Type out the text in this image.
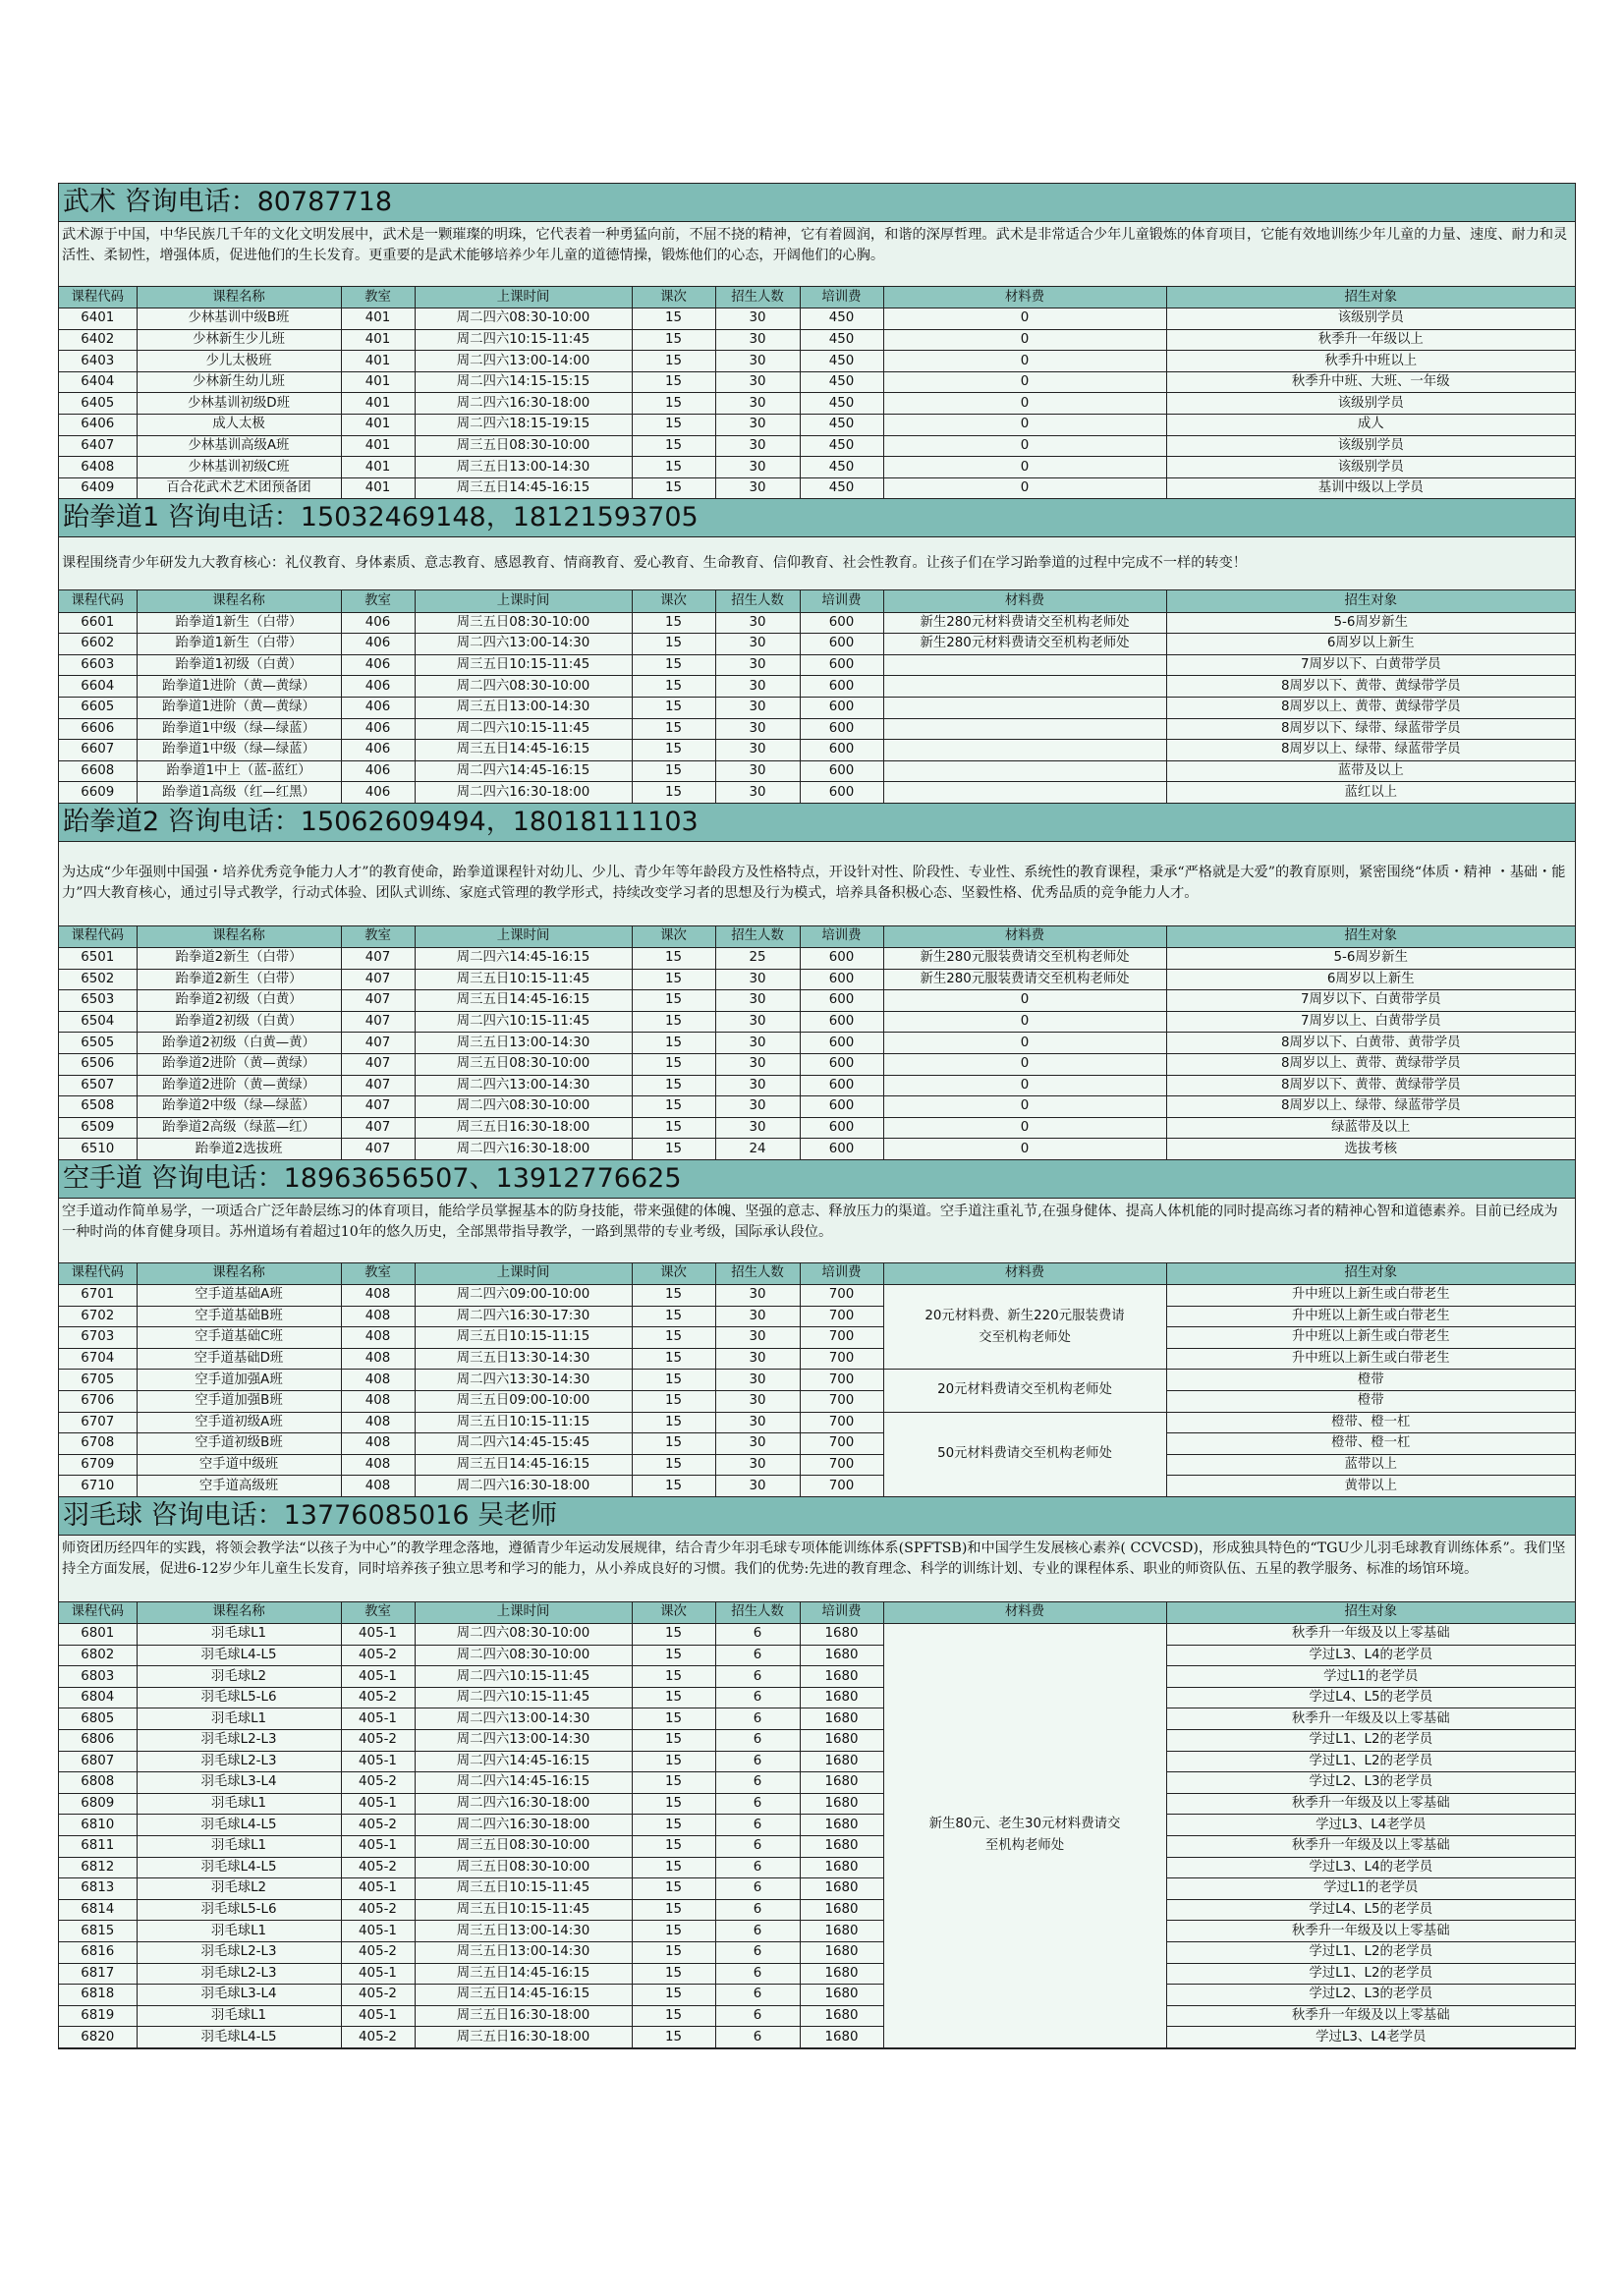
武术 咨询电话：80787718
武术源于中国，中华民族几千年的文化文明发展中，武术是一颗璀璨的明珠，它代表着一种勇猛向前，不屈不挠的精神，它有着圆润，和谐的深厚哲理。武术是非常适合少年儿童锻炼的体育项目，它能有效地训练少年儿童的力量、速度、耐力和灵活性、柔韧性，增强体质，促进他们的生长发育。更重要的是武术能够培养少年儿童的道德情操，锻炼他们的心态，开阔他们的心胸。
课程代码	课程名称	教室	上课时间	课次	招生人数	培训费	材料费	招生对象
6401	少林基训中级B班	401	周二四六08:30-10:00	15	30	450	0	该级别学员
6402	少林新生少儿班	401	周二四六10:15-11:45	15	30	450	0	秋季升一年级以上
6403	少儿太极班	401	周二四六13:00-14:00	15	30	450	0	秋季升中班以上
6404	少林新生幼儿班	401	周二四六14:15-15:15	15	30	450	0	秋季升中班、大班、一年级
6405	少林基训初级D班	401	周二四六16:30-18:00	15	30	450	0	该级别学员
6406	成人太极	401	周二四六18:15-19:15	15	30	450	0	成人
6407	少林基训高级A班	401	周三五日08:30-10:00	15	30	450	0	该级别学员
6408	少林基训初级C班	401	周三五日13:00-14:30	15	30	450	0	该级别学员
6409	百合花武术艺术团预备团	401	周三五日14:45-16:15	15	30	450	0	基训中级以上学员
跆拳道1 咨询电话：15032469148，18121593705
课程围绕青少年研发九大教育核心：礼仪教育、身体素质、意志教育、感恩教育、情商教育、爱心教育、生命教育、信仰教育、社会性教育。让孩子们在学习跆拳道的过程中完成不一样的转变！
课程代码	课程名称	教室	上课时间	课次	招生人数	培训费	材料费	招生对象
6601	跆拳道1新生（白带）	406	周三五日08:30-10:00	15	30	600	新生280元材料费请交至机构老师处	5-6周岁新生
6602	跆拳道1新生（白带）	406	周二四六13:00-14:30	15	30	600	新生280元材料费请交至机构老师处	6周岁以上新生
6603	跆拳道1初级（白黄）	406	周三五日10:15-11:45	15	30	600		7周岁以下、白黄带学员
6604	跆拳道1进阶（黄—黄绿）	406	周二四六08:30-10:00	15	30	600		8周岁以下、黄带、黄绿带学员
6605	跆拳道1进阶（黄—黄绿）	406	周三五日13:00-14:30	15	30	600		8周岁以上、黄带、黄绿带学员
6606	跆拳道1中级（绿—绿蓝）	406	周二四六10:15-11:45	15	30	600		8周岁以下、绿带、绿蓝带学员
6607	跆拳道1中级（绿—绿蓝）	406	周三五日14:45-16:15	15	30	600		8周岁以上、绿带、绿蓝带学员
6608	跆拳道1中上（蓝-蓝红）	406	周二四六14:45-16:15	15	30	600		蓝带及以上
6609	跆拳道1高级（红—红黑）	406	周二四六16:30-18:00	15	30	600		蓝红以上
跆拳道2 咨询电话：15062609494，18018111103
为达成“少年强则中国强・培养优秀竞争能力人才”的教育使命，跆拳道课程针对幼儿、少儿、青少年等年龄段方及性格特点，开设针对性、阶段性、专业性、系统性的教育课程，秉承“严格就是大爱”的教育原则，紧密围绕“体质・精神 ・基础・能力”四大教育核心，通过引导式教学，行动式体验、团队式训练、家庭式管理的教学形式，持续改变学习者的思想及行为模式，培养具备积极心态、坚毅性格、优秀品质的竞争能力人才。
课程代码	课程名称	教室	上课时间	课次	招生人数	培训费	材料费	招生对象
6501	跆拳道2新生（白带）	407	周二四六14:45-16:15	15	25	600	新生280元服装费请交至机构老师处	5-6周岁新生
6502	跆拳道2新生（白带）	407	周三五日10:15-11:45	15	30	600	新生280元服装费请交至机构老师处	6周岁以上新生
6503	跆拳道2初级（白黄）	407	周三五日14:45-16:15	15	30	600	0	7周岁以下、白黄带学员
6504	跆拳道2初级（白黄）	407	周二四六10:15-11:45	15	30	600	0	7周岁以上、白黄带学员
6505	跆拳道2初级（白黄—黄）	407	周三五日13:00-14:30	15	30	600	0	8周岁以下、白黄带、黄带学员
6506	跆拳道2进阶（黄—黄绿）	407	周三五日08:30-10:00	15	30	600	0	8周岁以上、黄带、黄绿带学员
6507	跆拳道2进阶（黄—黄绿）	407	周二四六13:00-14:30	15	30	600	0	8周岁以下、黄带、黄绿带学员
6508	跆拳道2中级（绿—绿蓝）	407	周二四六08:30-10:00	15	30	600	0	8周岁以上、绿带、绿蓝带学员
6509	跆拳道2高级（绿蓝—红）	407	周三五日16:30-18:00	15	30	600	0	绿蓝带及以上
6510	跆拳道2选拔班	407	周二四六16:30-18:00	15	24	600	0	选拔考核
空手道 咨询电话：18963656507、13912776625
空手道动作简单易学，一项适合广泛年龄层练习的体育项目，能给学员掌握基本的防身技能，带来强健的体魄、坚强的意志、释放压力的渠道。空手道注重礼节,在强身健体、提高人体机能的同时提高练习者的精神心智和道德素养。目前已经成为一种时尚的体育健身项目。苏州道场有着超过10年的悠久历史，全部黑带指导教学，一路到黑带的专业考级，国际承认段位。
课程代码	课程名称	教室	上课时间	课次	招生人数	培训费	材料费	招生对象
6701	空手道基础A班	408	周二四六09:00-10:00	15	30	700	20元材料费、新生220元服装费请交至机构老师处	升中班以上新生或白带老生
6702	空手道基础B班	408	周二四六16:30-17:30	15	30	700		升中班以上新生或白带老生
6703	空手道基础C班	408	周三五日10:15-11:15	15	30	700		升中班以上新生或白带老生
6704	空手道基础D班	408	周三五日13:30-14:30	15	30	700		升中班以上新生或白带老生
6705	空手道加强A班	408	周二四六13:30-14:30	15	30	700	20元材料费请交至机构老师处	橙带
6706	空手道加强B班	408	周三五日09:00-10:00	15	30	700		橙带
6707	空手道初级A班	408	周三五日10:15-11:15	15	30	700	50元材料费请交至机构老师处	橙带、橙一杠
6708	空手道初级B班	408	周二四六14:45-15:45	15	30	700		橙带、橙一杠
6709	空手道中级班	408	周三五日14:45-16:15	15	30	700		蓝带以上
6710	空手道高级班	408	周二四六16:30-18:00	15	30	700		黄带以上
羽毛球 咨询电话：13776085016 吴老师
师资团历经四年的实践，将领会教学法“以孩子为中心”的教学理念落地，遵循青少年运动发展规律，结合青少年羽毛球专项体能训练体系(SPFTSB)和中国学生发展核心素养( CCVCSD)，形成独具特色的“TGU少儿羽毛球教育训练体系”。我们坚持全方面发展，促进6-12岁少年儿童生长发育，同时培养孩子独立思考和学习的能力，从小养成良好的习惯。我们的优势:先进的教育理念、科学的训练计划、专业的课程体系、职业的师资队伍、五星的教学服务、标准的场馆环境。
课程代码	课程名称	教室	上课时间	课次	招生人数	培训费	材料费	招生对象
6801	羽毛球L1	405-1	周二四六08:30-10:00	15	6	1680	新生80元、老生30元材料费请交至机构老师处	秋季升一年级及以上零基础
6802	羽毛球L4-L5	405-2	周二四六08:30-10:00	15	6	1680		学过L3、L4的老学员
6803	羽毛球L2	405-1	周二四六10:15-11:45	15	6	1680		学过L1的老学员
6804	羽毛球L5-L6	405-2	周二四六10:15-11:45	15	6	1680		学过L4、L5的老学员
6805	羽毛球L1	405-1	周二四六13:00-14:30	15	6	1680		秋季升一年级及以上零基础
6806	羽毛球L2-L3	405-2	周二四六13:00-14:30	15	6	1680		学过L1、L2的老学员
6807	羽毛球L2-L3	405-1	周二四六14:45-16:15	15	6	1680		学过L1、L2的老学员
6808	羽毛球L3-L4	405-2	周二四六14:45-16:15	15	6	1680		学过L2、L3的老学员
6809	羽毛球L1	405-1	周二四六16:30-18:00	15	6	1680		秋季升一年级及以上零基础
6810	羽毛球L4-L5	405-2	周二四六16:30-18:00	15	6	1680		学过L3、L4老学员
6811	羽毛球L1	405-1	周三五日08:30-10:00	15	6	1680		秋季升一年级及以上零基础
6812	羽毛球L4-L5	405-2	周三五日08:30-10:00	15	6	1680		学过L3、L4的老学员
6813	羽毛球L2	405-1	周三五日10:15-11:45	15	6	1680		学过L1的老学员
6814	羽毛球L5-L6	405-2	周三五日10:15-11:45	15	6	1680		学过L4、L5的老学员
6815	羽毛球L1	405-1	周三五日13:00-14:30	15	6	1680		秋季升一年级及以上零基础
6816	羽毛球L2-L3	405-2	周三五日13:00-14:30	15	6	1680		学过L1、L2的老学员
6817	羽毛球L2-L3	405-1	周三五日14:45-16:15	15	6	1680		学过L1、L2的老学员
6818	羽毛球L3-L4	405-2	周三五日14:45-16:15	15	6	1680		学过L2、L3的老学员
6819	羽毛球L1	405-1	周三五日16:30-18:00	15	6	1680		秋季升一年级及以上零基础
6820	羽毛球L4-L5	405-2	周三五日16:30-18:00	15	6	1680		学过L3、L4老学员
